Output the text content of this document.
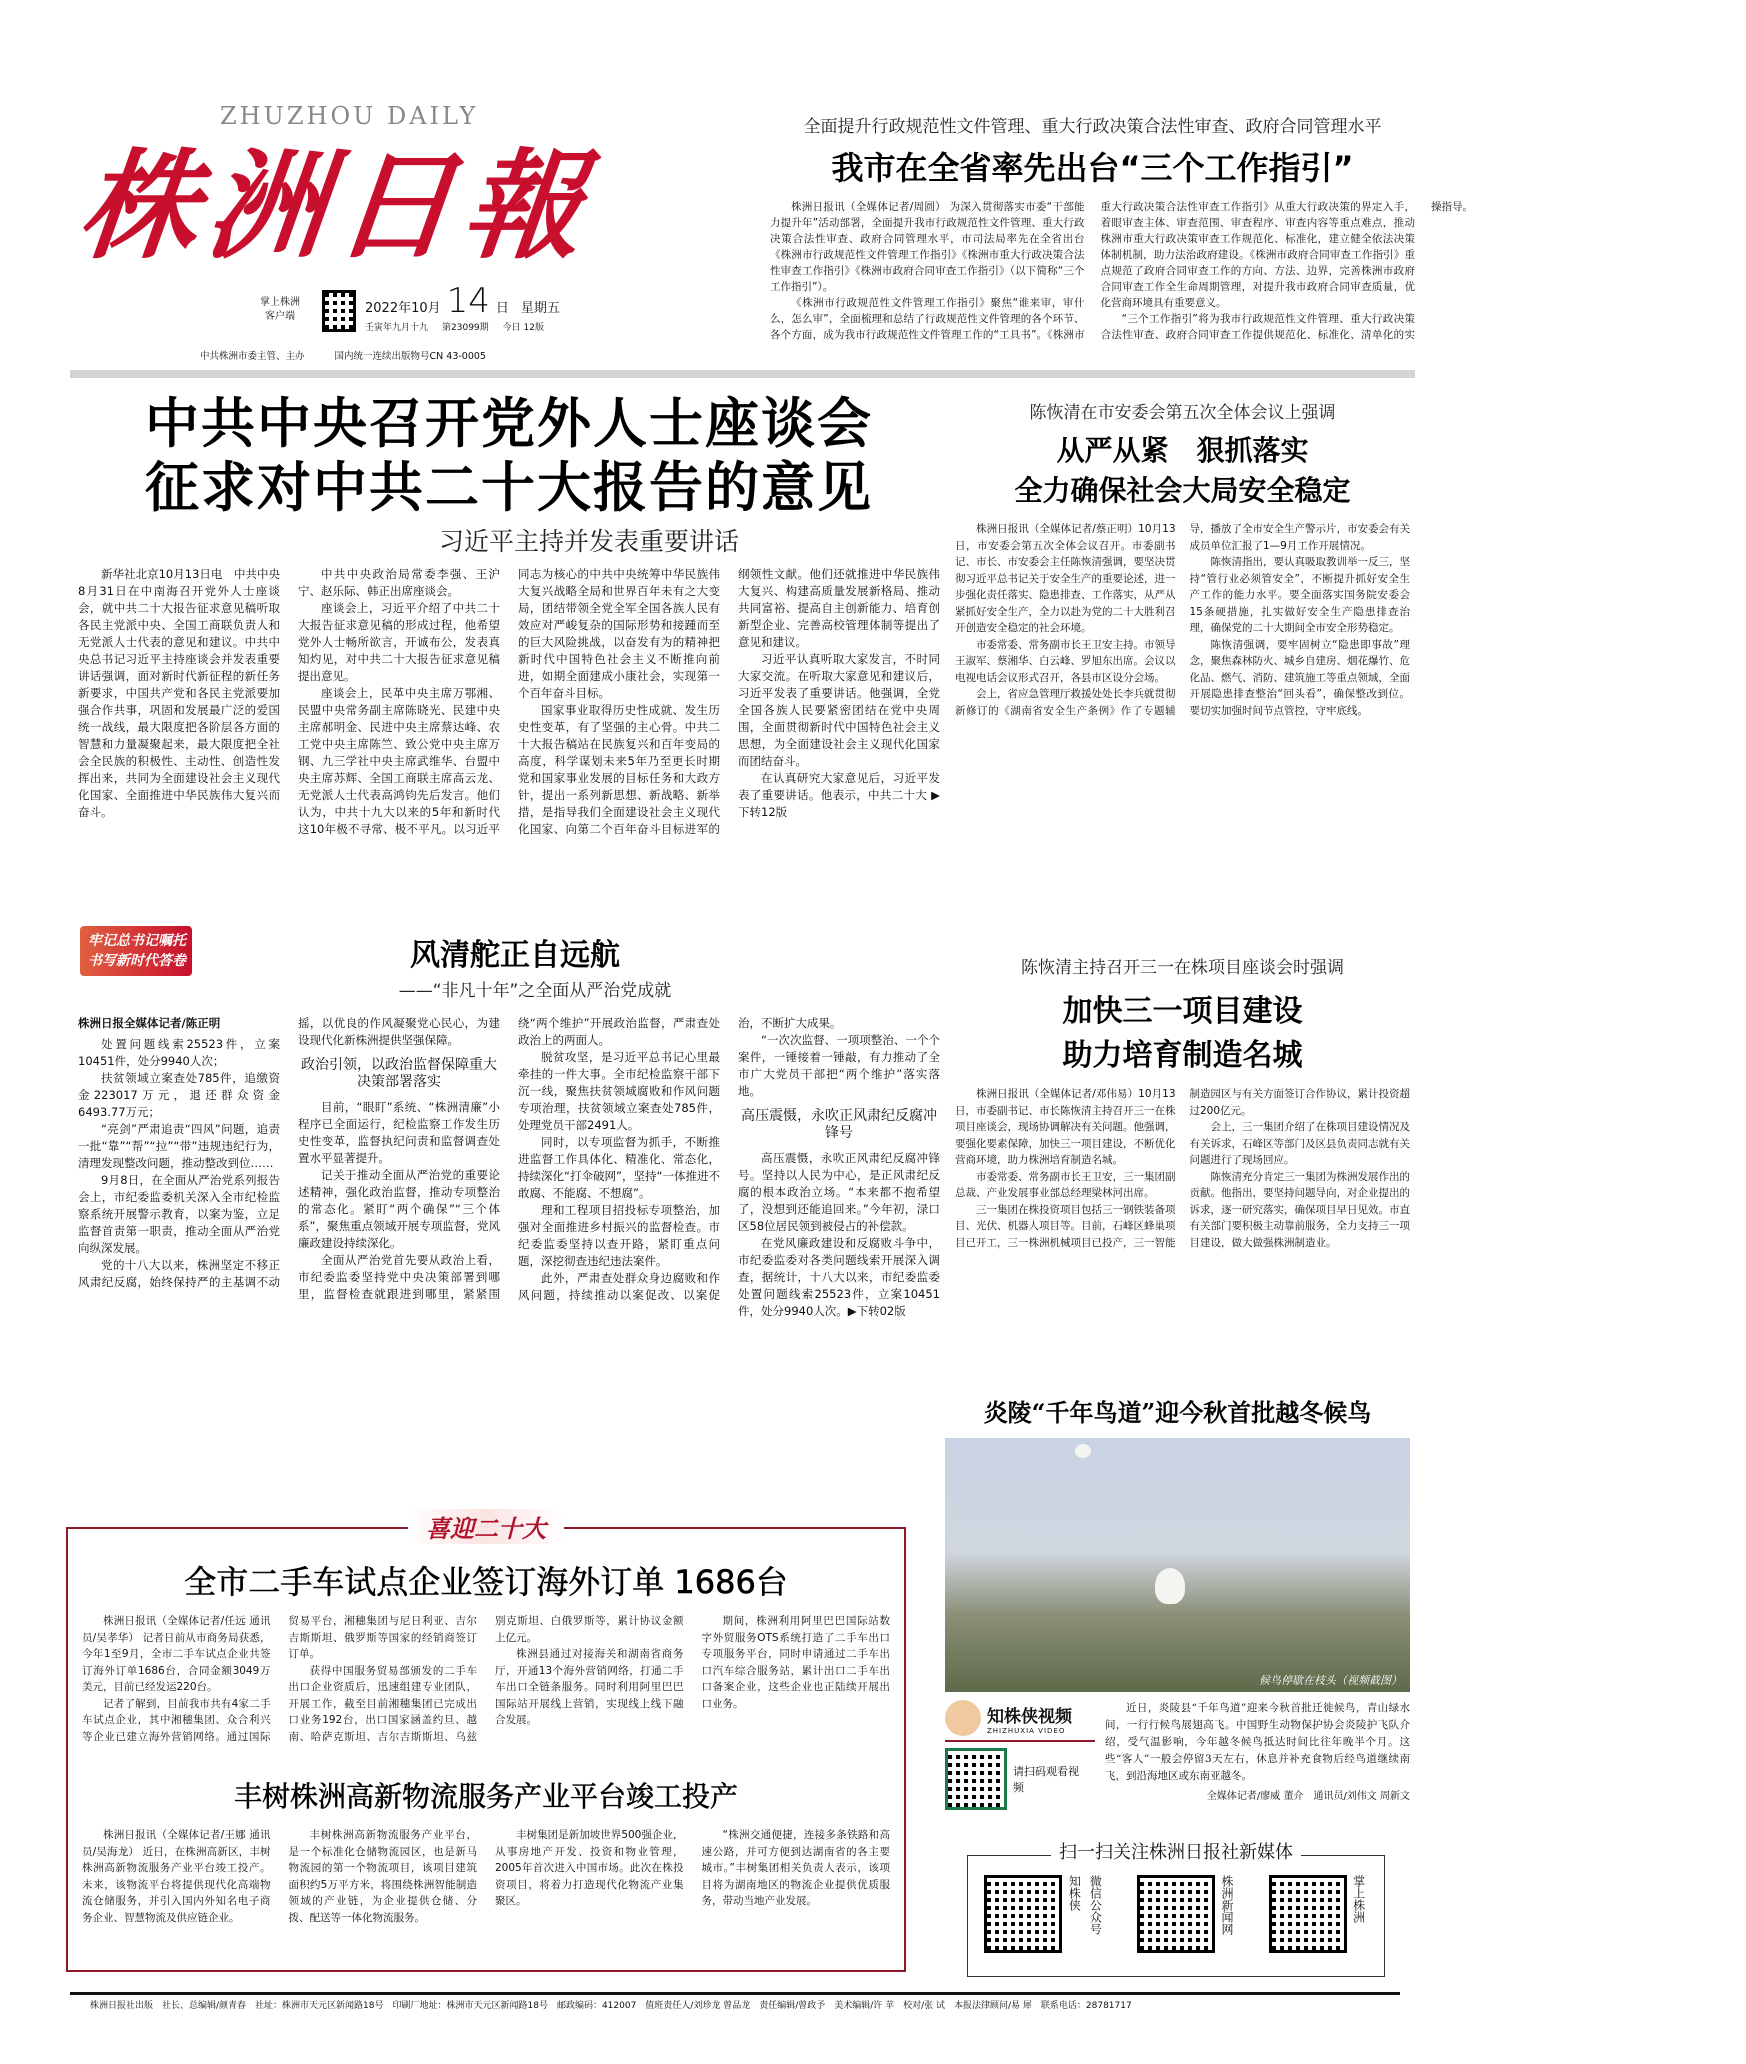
ZHUZHOU DAILY
株洲日報
掌上株洲
客户端
2022年10月 14 日 星期五
壬寅年九月十九 第23099期 今日 12版
中共株洲市委主管、主办	国内统一连续出版物号CN 43-0005
全面提升行政规范性文件管理、重大行政决策合法性审查、政府合同管理水平
我市在全省率先出台“三个工作指引”

株洲日报讯（全媒体记者/周圆） 为深入贯彻落实市委“干部能力提升年”活动部署，全面提升我市行政规范性文件管理、重大行政决策合法性审查、政府合同管理水平，市司法局率先在全省出台《株洲市行政规范性文件管理工作指引》《株洲市重大行政决策合法性审查工作指引》《株洲市政府合同审查工作指引》（以下简称“三个工作指引”）。

《株洲市行政规范性文件管理工作指引》聚焦“谁来审，审什么，怎么审”，全面梳理和总结了行政规范性文件管理的各个环节、各个方面，成为我市行政规范性文件管理工作的“工具书”。《株洲市重大行政决策合法性审查工作指引》从重大行政决策的界定入手，着眼审查主体、审查范围、审查程序、审查内容等重点难点，推动株洲市重大行政决策审查工作规范化、标准化，建立健全依法决策体制机制，助力法治政府建设。《株洲市政府合同审查工作指引》重点规范了政府合同审查工作的方向、方法、边界，完善株洲市政府合同审查工作全生命周期管理，对提升我市政府合同审查质量，优化营商环境具有重要意义。

“三个工作指引”将为我市行政规范性文件管理、重大行政决策合法性审查、政府合同审查工作提供规范化、标准化、清单化的实操指导。

中共中央召开党外人士座谈会
征求对中共二十大报告的意见
习近平主持并发表重要讲话

新华社北京10月13日电　中共中央8月31日在中南海召开党外人士座谈会，就中共二十大报告征求意见稿听取各民主党派中央、全国工商联负责人和无党派人士代表的意见和建议。中共中央总书记习近平主持座谈会并发表重要讲话强调，面对新时代新征程的新任务新要求，中国共产党和各民主党派要加强合作共事，巩固和发展最广泛的爱国统一战线，最大限度把各阶层各方面的智慧和力量凝聚起来，最大限度把全社会全民族的积极性、主动性、创造性发挥出来，共同为全面建设社会主义现代化国家、全面推进中华民族伟大复兴而奋斗。

中共中央政治局常委李强、王沪宁、赵乐际、韩正出席座谈会。

座谈会上，习近平介绍了中共二十大报告征求意见稿的形成过程，他希望党外人士畅所欲言，开诚布公，发表真知灼见，对中共二十大报告征求意见稿提出意见。

座谈会上，民革中央主席万鄂湘、民盟中央常务副主席陈晓光、民建中央主席郝明金、民进中央主席蔡达峰、农工党中央主席陈竺、致公党中央主席万钢、九三学社中央主席武维华、台盟中央主席苏辉、全国工商联主席高云龙、无党派人士代表高鸿钧先后发言。他们认为，中共十九大以来的5年和新时代这10年极不寻常、极不平凡。以习近平同志为核心的中共中央统筹中华民族伟大复兴战略全局和世界百年未有之大变局，团结带领全党全军全国各族人民有效应对严峻复杂的国际形势和接踵而至的巨大风险挑战，以奋发有为的精神把新时代中国特色社会主义不断推向前进，如期全面建成小康社会，实现第一个百年奋斗目标。

国家事业取得历史性成就、发生历史性变革，有了坚强的主心骨。中共二十大报告稿站在民族复兴和百年变局的高度，科学谋划未来5年乃至更长时期党和国家事业发展的目标任务和大政方针，提出一系列新思想、新战略、新举措，是指导我们全面建设社会主义现代化国家、向第二个百年奋斗目标进军的纲领性文献。他们还就推进中华民族伟大复兴、构建高质量发展新格局、推动共同富裕、提高自主创新能力、培育创新型企业、完善高校管理体制等提出了意见和建议。

习近平认真听取大家发言，不时同大家交流。在听取大家意见和建议后，习近平发表了重要讲话。他强调，全党全国各族人民要紧密团结在党中央周围，全面贯彻新时代中国特色社会主义思想，为全面建设社会主义现代化国家而团结奋斗。

在认真研究大家意见后，习近平发表了重要讲话。他表示，中共二十大 ▶下转12版

陈恢清在市安委会第五次全体会议上强调
从严从紧　狠抓落实
全力确保社会大局安全稳定

株洲日报讯（全媒体记者/蔡正明）10月13日，市安委会第五次全体会议召开。市委副书记、市长、市安委会主任陈恢清强调，要坚决贯彻习近平总书记关于安全生产的重要论述，进一步强化责任落实、隐患排查、工作落实，从严从紧抓好安全生产，全力以赴为党的二十大胜利召开创造安全稳定的社会环境。

市委常委、常务副市长王卫安主持。市领导王淑军、蔡湘华、白云峰、罗旭东出席。会议以电视电话会议形式召开，各县市区设分会场。

会上，省应急管理厅救援处处长李兵就贯彻新修订的《湖南省安全生产条例》作了专题辅导，播放了全市安全生产警示片，市安委会有关成员单位汇报了1—9月工作开展情况。

陈恢清指出，要认真吸取教训举一反三，坚持“管行业必须管安全”，不断提升抓好安全生产工作的能力水平。要全面落实国务院安委会15条硬措施，扎实做好安全生产隐患排查治理，确保党的二十大期间全市安全形势稳定。

陈恢清强调，要牢固树立“隐患即事故”理念，聚焦森林防火、城乡自建房、烟花爆竹、危化品、燃气、消防、建筑施工等重点领域，全面开展隐患排查整治“回头看”，确保整改到位。要切实加强时间节点管控，守牢底线。

牢记总书记嘱托
书写新时代答卷	风清舵正自远航
——“非凡十年”之全面从严治党成就
株洲日报全媒体记者/陈正明

处置问题线索25523件，立案10451件，处分9940人次；

扶贫领域立案查处785件，追缴资金223017万元，退还群众资金6493.77万元；

“亮剑”严肃追责“四风”问题，追责一批“靠”“帮”“拉”“带”违规违纪行为，清理发现整改问题，推动整改到位……

9月8日，在全面从严治党系列报告会上，市纪委监委机关深入全市纪检监察系统开展警示教育，以案为鉴，立足监督首责第一职责，推动全面从严治党向纵深发展。

党的十八大以来，株洲坚定不移正风肃纪反腐，始终保持严的主基调不动摇，以优良的作风凝聚党心民心，为建设现代化新株洲提供坚强保障。

政治引领，以政治监督保障重大决策部署落实

目前，“眼盯”系统、“株洲清廉”小程序已全面运行，纪检监察工作发生历史性变革，监督执纪问责和监督调查处置水平显著提升。

记关于推动全面从严治党的重要论述精神，强化政治监督，推动专项整治的常态化。紧盯“两个确保”“三个体系”，聚焦重点领域开展专项监督，党风廉政建设持续深化。

全面从严治党首先要从政治上看，市纪委监委坚持党中央决策部署到哪里，监督检查就跟进到哪里，紧紧围绕“两个维护”开展政治监督，严肃查处政治上的两面人。

脱贫攻坚，是习近平总书记心里最牵挂的一件大事。全市纪检监察干部下沉一线，聚焦扶贫领域腐败和作风问题专项治理，扶贫领域立案查处785件，处理党员干部2491人。

同时，以专项监督为抓手，不断推进监督工作具体化、精准化、常态化，持续深化“打伞破网”，坚持“一体推进不敢腐、不能腐、不想腐”。

理和工程项目招投标专项整治，加强对全面推进乡村振兴的监督检查。市纪委监委坚持以查开路，紧盯重点问题，深挖彻查违纪违法案件。

此外，严肃查处群众身边腐败和作风问题，持续推动以案促改、以案促治，不断扩大成果。

“一次次监督、一项项整治、一个个案件，一锤接着一锤敲，有力推动了全市广大党员干部把“两个维护”落实落地。

高压震慑，永吹正风肃纪反腐冲锋号

高压震慑，永吹正风肃纪反腐冲锋号。坚持以人民为中心，是正风肃纪反腐的根本政治立场。“本来都不抱希望了，没想到还能追回来。”今年初，渌口区58位居民领到被侵占的补偿款。

在党风廉政建设和反腐败斗争中，市纪委监委对各类问题线索开展深入调查，据统计，十八大以来，市纪委监委处置问题线索25523件，立案10451件，处分9940人次。▶下转02版

陈恢清主持召开三一在株项目座谈会时强调
加快三一项目建设
助力培育制造名城

株洲日报讯（全媒体记者/邓伟易）10月13日，市委副书记、市长陈恢清主持召开三一在株项目座谈会，现场协调解决有关问题。他强调，要强化要素保障，加快三一项目建设，不断优化营商环境，助力株洲培育制造名城。

市委常委、常务副市长王卫安，三一集团副总裁、产业发展事业部总经理梁林河出席。

三一集团在株投资项目包括三一钢铁装备项目、光伏、机器人项目等。目前，石峰区蜂巢项目已开工，三一株洲机械项目已投产，三一智能制造园区与有关方面签订合作协议，累计投资超过200亿元。

会上，三一集团介绍了在株项目建设情况及有关诉求，石峰区等部门及区县负责同志就有关问题进行了现场回应。

陈恢清充分肯定三一集团为株洲发展作出的贡献。他指出，要坚持问题导向，对企业提出的诉求，逐一研究落实，确保项目早日见效。市直有关部门要积极主动靠前服务，全力支持三一项目建设，做大做强株洲制造业。

炎陵“千年鸟道”迎今秋首批越冬候鸟
候鸟停歇在枝头（视频截图）
知株侠视频
ZHIZHUXIA VIDEO
请扫码观看视频

近日，炎陵县“千年鸟道”迎来今秋首批迁徙候鸟，青山绿水间，一行行候鸟展翅高飞。中国野生动物保护协会炎陵护飞队介绍，受气温影响，今年越冬候鸟抵达时间比往年晚半个月。这些“客人”一般会停留3天左右，休息并补充食物后经鸟道继续南飞，到沿海地区或东南亚越冬。

全媒体记者/廖威 董介　通讯员/刘伟文 周新文
扫一扫关注株洲日报社新媒体
知株侠 微信公众号	株洲新闻网	掌上株洲
喜迎二十大
全市二手车试点企业签订海外订单 1686台

株洲日报讯（全媒体记者/任远 通讯员/吴孝华） 记者日前从市商务局获悉，今年1至9月，全市二手车试点企业共签订海外订单1686台，合同金额3049万美元，目前已经发运220台。

记者了解到，目前我市共有4家二手车试点企业，其中湘穗集团、众合利兴等企业已建立海外营销网络。通过国际贸易平台，湘穗集团与尼日利亚、吉尔吉斯斯坦、俄罗斯等国家的经销商签订订单。

获得中国服务贸易部颁发的二手车出口企业资质后，迅速组建专业团队，开展工作，截至目前湘穗集团已完成出口业务192台，出口国家涵盖约旦、越南、哈萨克斯坦、吉尔吉斯斯坦、乌兹别克斯坦、白俄罗斯等，累计协议金额上亿元。

株洲县通过对接海关和湖南省商务厅，开通13个海外营销网络，打通二手车出口全链条服务。同时利用阿里巴巴国际站开展线上营销，实现线上线下融合发展。

期间，株洲利用阿里巴巴国际站数字外贸服务OTS系统打造了二手车出口专项服务平台，同时申请通过二手车出口汽车综合服务站，累计出口二手车出口备案企业，这些企业也正陆续开展出口业务。

丰树株洲高新物流服务产业平台竣工投产

株洲日报讯（全媒体记者/王娜 通讯员/吴海龙） 近日，在株洲高新区，丰树株洲高新物流服务产业平台竣工投产。未来，该物流平台将提供现代化高端物流仓储服务，并引入国内外知名电子商务企业、智慧物流及供应链企业。

丰树株洲高新物流服务产业平台，是一个标准化仓储物流园区，也是新马物流园的第一个物流项目，该项目建筑面积约5万平方米，将围绕株洲智能制造领域的产业链，为企业提供仓储、分拨、配送等一体化物流服务。

丰树集团是新加坡世界500强企业，从事房地产开发、投资和物业管理，2005年首次进入中国市场。此次在株投资项目，将着力打造现代化物流产业集聚区。

“株洲交通便捷，连接多条铁路和高速公路，并可方便到达湖南省的各主要城市。”丰树集团相关负责人表示，该项目将为湖南地区的物流企业提供优质服务，带动当地产业发展。

株洲日报社出版　社长、总编辑/颜青春　社址：株洲市天元区新闻路18号　印刷厂地址：株洲市天元区新闻路18号　邮政编码：412007　值班责任人/刘珍龙 曾品龙　责任编辑/曾政予　美术编辑/许 苹　校对/张 试　本报法律顾问/易 犀　联系电话：28781717
